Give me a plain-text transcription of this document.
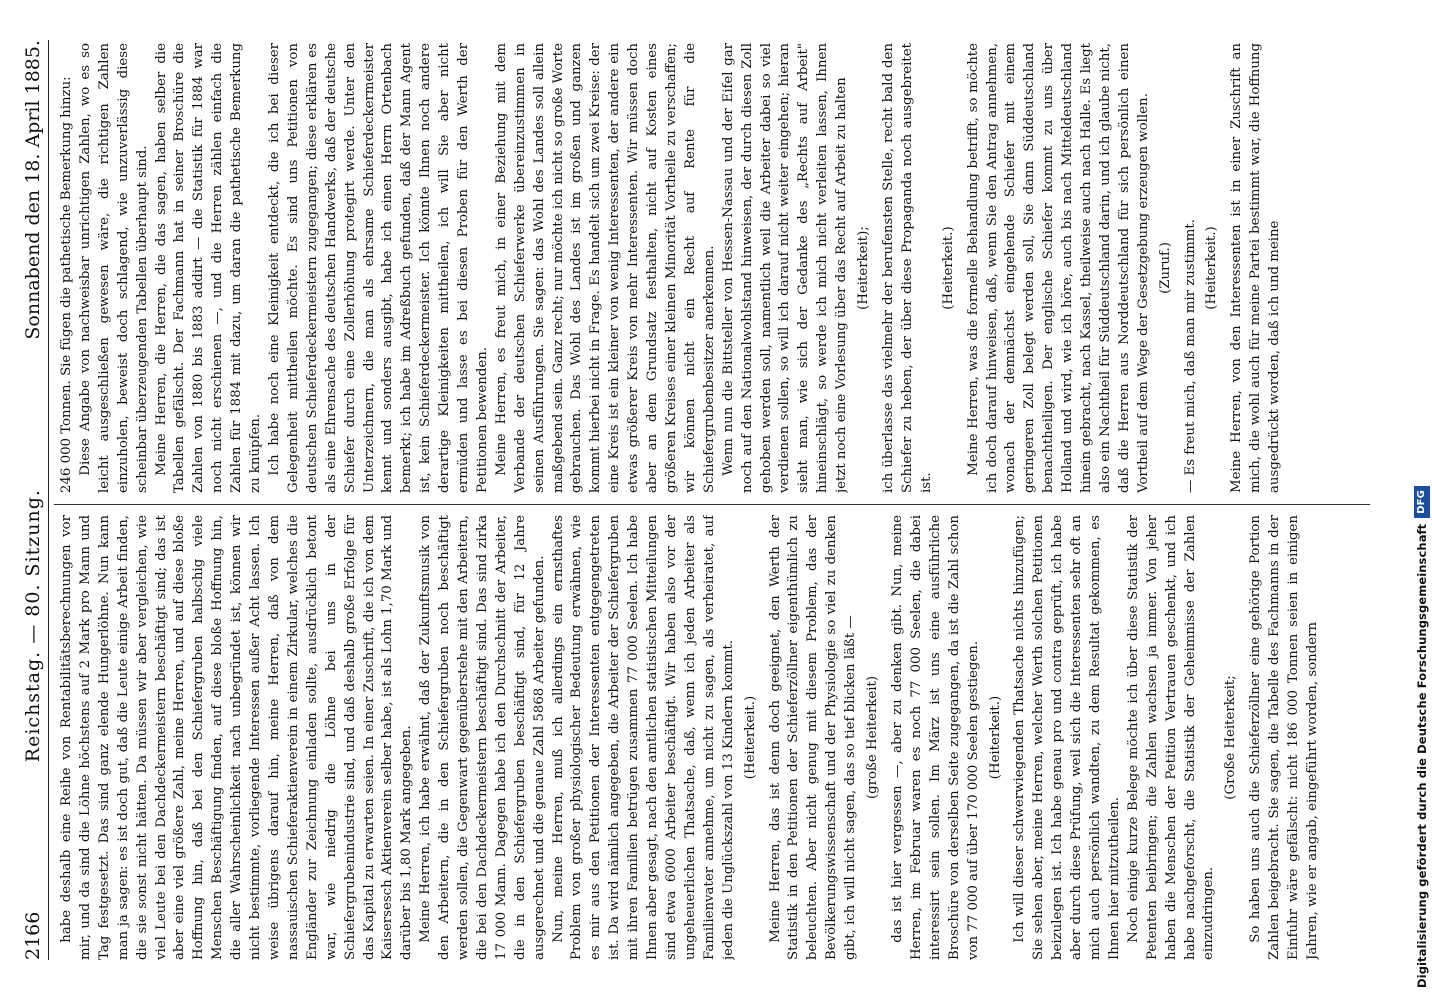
2166
Reichstag. — 80. Sitzung.
Sonnabend den 18. April 1885.

habe deshalb eine Reihe von Rentabilitätsberechnungen vor mir, und da sind die Löhne höchstens auf 2 Mark pro Mann und Tag festgesetzt. Das sind ganz elende Hungerlöhne. Nun kann man ja sagen: es ist doch gut, daß die Leute einige Arbeit finden, die sie sonst nicht hätten. Da müssen wir aber vergleichen, wie viel Leute bei den Dachdeckermeistern beschäftigt sind; das ist aber eine viel größere Zahl, meine Herren, und auf diese bloße Hoffnung hin, daß bei den Schiefergruben halbschig viele Menschen Beschäftigung finden, auf diese bloße Hoffnung hin, die aller Wahrscheinlichkeit nach unbegründet ist, können wir nicht bestimmte, vorliegende Interessen außer Acht lassen. Ich weise übrigens darauf hin, meine Herren, daß von dem nassauischen Schieferaktienverein in einem Zirkular, welches die Engländer zur Zeichnung einladen sollte, ausdrücklich betont war, wie niedrig die Löhne bei uns in der Schiefergrubenindustrie sind, und daß deshalb große Erfolge für das Kapital zu erwarten seien. In einer Zuschrift, die ich von dem Kaisersesch Aktienverein selber habe, ist als Lohn 1,70 Mark und darüber bis 1,80 Mark angegeben. Meine Herren, ich habe erwähnt, daß der Zukunftsmusik von den Arbeitern, die in den Schiefergruben noch beschäftigt werden sollen, die Gegenwart gegenüberstehe mit den Arbeitern, die bei den Dachdeckermeistern beschäftigt sind. Das sind zirka 17 000 Mann. Dagegen habe ich den Durchschnitt der Arbeiter, die in den Schiefergruben beschäftigt sind, für 12 Jahre ausgerechnet und die genaue Zahl 5868 Arbeiter gefunden. Nun, meine Herren, muß ich allerdings ein ernsthaftes Problem von großer physiologischer Bedeutung erwähnen, wie es mir aus den Petitionen der Interessenten entgegengetreten ist. Da wird nämlich angegeben, die Arbeiter der Schiefergruben mit ihren Familien betrügen zusammen 77 000 Seelen. Ich habe Ihnen aber gesagt, nach den amtlichen statistischen Mitteilungen sind etwa 6000 Arbeiter beschäftigt. Wir haben also vor der ungeheuerlichen Thatsache, daß, wenn ich jeden Arbeiter als Familienvater annehme, um nicht zu sagen, als verheiratet, auf jeden die Unglückszahl von 13 Kindern kommt. (Heiterkeit.) Meine Herren, das ist denn doch geeignet, den Werth der Statistik in den Petitionen der Schieferzöllner eigenthümlich zu beleuchten. Aber nicht genug mit diesem Problem, das der Bevölkerungswissenschaft und der Physiologie so viel zu denken gibt, ich will nicht sagen, das so tief blicken läßt — (große Heiterkeit) das ist hier vergessen —, aber zu denken gibt. Nun, meine Herren, im Februar waren es noch 77 000 Seelen, die dabei interessirt sein sollen. Im März ist uns eine ausführliche Broschüre von derselben Seite zugegangen, da ist die Zahl schon von 77 000 auf über 170 000 Seelen gestiegen. (Heiterkeit.) Ich will dieser schwerwiegenden Thatsache nichts hinzufügen; Sie sehen aber, meine Herren, welcher Werth solchen Petitionen beizulegen ist. Ich habe genau pro und contra geprüft, ich habe aber durch diese Prüfung, weil sich die Interessenten sehr oft an mich auch persönlich wandten, zu dem Resultat gekommen, es Ihnen hier mitzutheilen. Noch einige kurze Belege möchte ich über diese Statistik der Petenten beibringen; die Zahlen wachsen ja immer. Von jeher haben die Menschen der Petition Vertrauen geschenkt, und ich habe nachgeforscht, die Statistik der Geheimnisse der Zahlen einzudringen.

(Große Heiterkeit; So haben uns auch die Schieferzöllner eine gehörige Portion Zahlen beigebracht. Sie sagen, die Tabelle des Fachmanns in der Einfuhr wäre gefälscht: nicht 186 000 Tonnen seien in einigen Jahren, wie er angab, eingeführt worden, sondern

246 000 Tonnen. Sie fügen die pathetische Bemerkung hinzu: Diese Angabe von nachweisbar unrichtigen Zahlen, wo es so leicht ausgeschließen gewesen wäre, die richtigen Zahlen einzuholen, beweist doch schlagend, wie unzuverlässig diese scheinbar überzeugenden Tabellen überhaupt sind. Meine Herren, die Herren, die das sagen, haben selber die Tabellen gefälscht. Der Fachmann hat in seiner Broschüre die Zahlen von 1880 bis 1883 addirt — die Statistik für 1884 war noch nicht erschienen —, und die Herren zählen einfach die Zahlen für 1884 mit dazu, um daran die pathetische Bemerkung zu knüpfen. Ich habe noch eine Kleinigkeit entdeckt, die ich bei dieser Gelegenheit mittheilen möchte. Es sind uns Petitionen von deutschen Schieferdeckermeistern zugegangen; diese erklären es als eine Ehrensache des deutschen Handwerks, daß der deutsche Schiefer durch eine Zollerhöhung protegirt werde. Unter den Unterzeichnern, die man als ehrsame Schieferdeckermeister kennt und sonders ausgibt, habe ich einen Herrn Ortenbach bemerkt; ich habe im Adreßbuch gefunden, daß der Mann Agent ist, kein Schieferdeckermeister. Ich könnte Ihnen noch andere derartige Kleinigkeiten mittheilen, ich will Sie aber nicht ermüden und lasse es bei diesen Proben für den Werth der Petitionen bewenden. Meine Herren, es freut mich, in einer Beziehung mit dem Verbande der deutschen Schieferwerke übereinzustimmen in seinen Ausführungen. Sie sagen: das Wohl des Landes soll allein maßgebend sein. Ganz recht; nur möchte ich nicht so große Worte gebrauchen. Das Wohl des Landes ist im großen und ganzen kommt hierbei nicht in Frage. Es handelt sich um zwei Kreise: der eine Kreis ist ein kleiner von wenig Interessenten, der andere ein etwas größerer Kreis von mehr Interessenten. Wir müssen doch aber an dem Grundsatz festhalten, nicht auf Kosten eines größeren Kreises einer kleinen Minorität Vortheile zu verschaffen; wir können nicht ein Recht auf Rente für die Schiefergrubenbesitzer anerkennen. Wenn nun die Bittsteller von Hessen-Nassau und der Eifel gar noch auf den Nationalwohlstand hinweisen, der durch diesen Zoll gehoben werden soll, namentlich weil die Arbeiter dabei so viel verdienen sollen, so will ich darauf nicht weiter eingehen; hieran sieht man, wie sich der Gedanke des „Rechts auf Arbeit" hineinschlägt, so werde ich mich nicht verleiten lassen, Ihnen jetzt noch eine Vorlesung über das Recht auf Arbeit zu halten (Heiterkeit); ich überlasse das vielmehr der berufensten Stelle, recht bald den Schiefer zu heben, der über diese Propaganda noch ausgebreitet ist.

(Heiterkeit.) Meine Herren, was die formelle Behandlung betrifft, so möchte ich doch darauf hinweisen, daß, wenn Sie den Antrag annehmen, wonach der demnächst eingehende Schiefer mit einem geringeren Zoll belegt werden soll, Sie dann Süddeutschland benachtheiligen. Der englische Schiefer kommt zu uns über Holland und wird, wie ich höre, auch bis nach Mitteldeutschland hinein gebracht, nach Kassel, theilweise auch nach Halle. Es liegt also ein Nachtheil für Süddeutschland darin, und ich glaube nicht, daß die Herren aus Norddeutschland für sich persönlich einen Vortheil auf dem Wege der Gesetzgebung erzeugen wollen. (Zuruf.) — Es freut mich, daß man mir zustimmt. (Heiterkeit.) Meine Herren, von den Interessenten ist in einer Zuschrift an mich, die wohl auch für meine Partei bestimmt war, die Hoffnung ausgedrückt worden, daß ich und meine

Digitalisierung gefördert durch die Deutsche Forschungsgemeinschaft
DFG
